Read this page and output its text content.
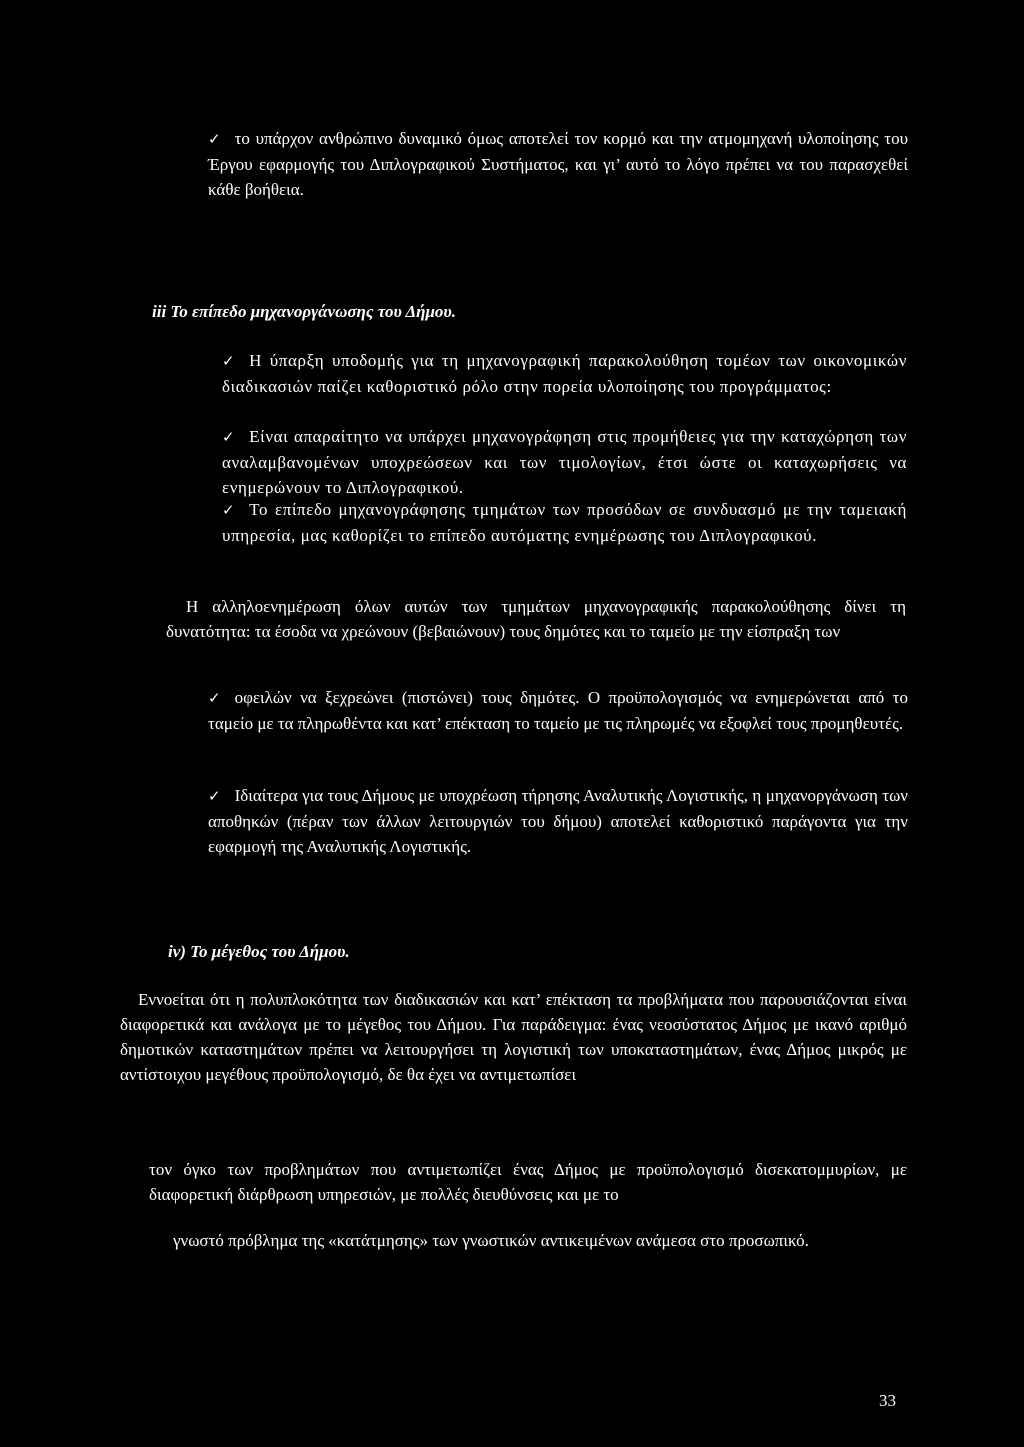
✓ το υπάρχον ανθρώπινο δυναμικό όμως αποτελεί τον κορμό και την ατμομηχανή υλοποίησης του Έργου εφαρμογής του Διπλογραφικού Συστήματος, και γι’ αυτό το λόγο πρέπει να του παρασχεθεί κάθε βοήθεια.

iii Το επίπεδο μηχανοργάνωσης του Δήμου.

✓ Η ύπαρξη υποδομής για τη μηχανογραφική παρακολούθηση τομέων των οικονομικών διαδικασιών παίζει καθοριστικό ρόλο στην πορεία υλοποίησης του προγράμματος:

✓ Είναι απαραίτητο να υπάρχει μηχανογράφηση στις προμήθειες για την καταχώρηση των αναλαμβανομένων υποχρεώσεων και των τιμολογίων, έτσι ώστε οι καταχωρήσεις να ενημερώνουν το Διπλογραφικού.

✓ Το επίπεδο μηχανογράφησης τμημάτων των προσόδων σε συνδυασμό με την ταμειακή υπηρεσία, μας καθορίζει το επίπεδο αυτόματης ενημέρωσης του Διπλογραφικού.

Η αλληλοενημέρωση όλων αυτών των τμημάτων μηχανογραφικής παρακολούθησης δίνει τη δυνατότητα: τα έσοδα να χρεώνουν (βεβαιώνουν) τους δημότες και το ταμείο με την είσπραξη των

✓ οφειλών να ξεχρεώνει (πιστώνει) τους δημότες. Ο προϋπολογισμός να ενημερώνεται από το ταμείο με τα πληρωθέντα και κατ’ επέκταση το ταμείο με τις πληρωμές να εξοφλεί τους προμηθευτές.

✓ Ιδιαίτερα για τους Δήμους με υποχρέωση τήρησης Αναλυτικής Λογιστικής, η μηχανοργάνωση των αποθηκών (πέραν των άλλων λειτουργιών του δήμου) αποτελεί καθοριστικό παράγοντα για την εφαρμογή της Αναλυτικής Λογιστικής.

iv) Το μέγεθος του Δήμου.

Εννοείται ότι η πολυπλοκότητα των διαδικασιών και κατ’ επέκταση τα προβλήματα που παρουσιάζονται είναι διαφορετικά και ανάλογα με το μέγεθος του Δήμου. Για παράδειγμα: ένας νεοσύστατος Δήμος με ικανό αριθμό δημοτικών καταστημάτων πρέπει να λειτουργήσει τη λογιστική των υποκαταστημάτων, ένας Δήμος μικρός με αντίστοιχου μεγέθους προϋπολογισμό, δε θα έχει να αντιμετωπίσει

τον όγκο των προβλημάτων που αντιμετωπίζει ένας Δήμος με προϋπολογισμό δισεκατομμυρίων, με διαφορετική διάρθρωση υπηρεσιών, με πολλές διευθύνσεις και με το

γνωστό πρόβλημα της «κατάτμησης» των γνωστικών αντικειμένων ανάμεσα στο προσωπικό.

33
